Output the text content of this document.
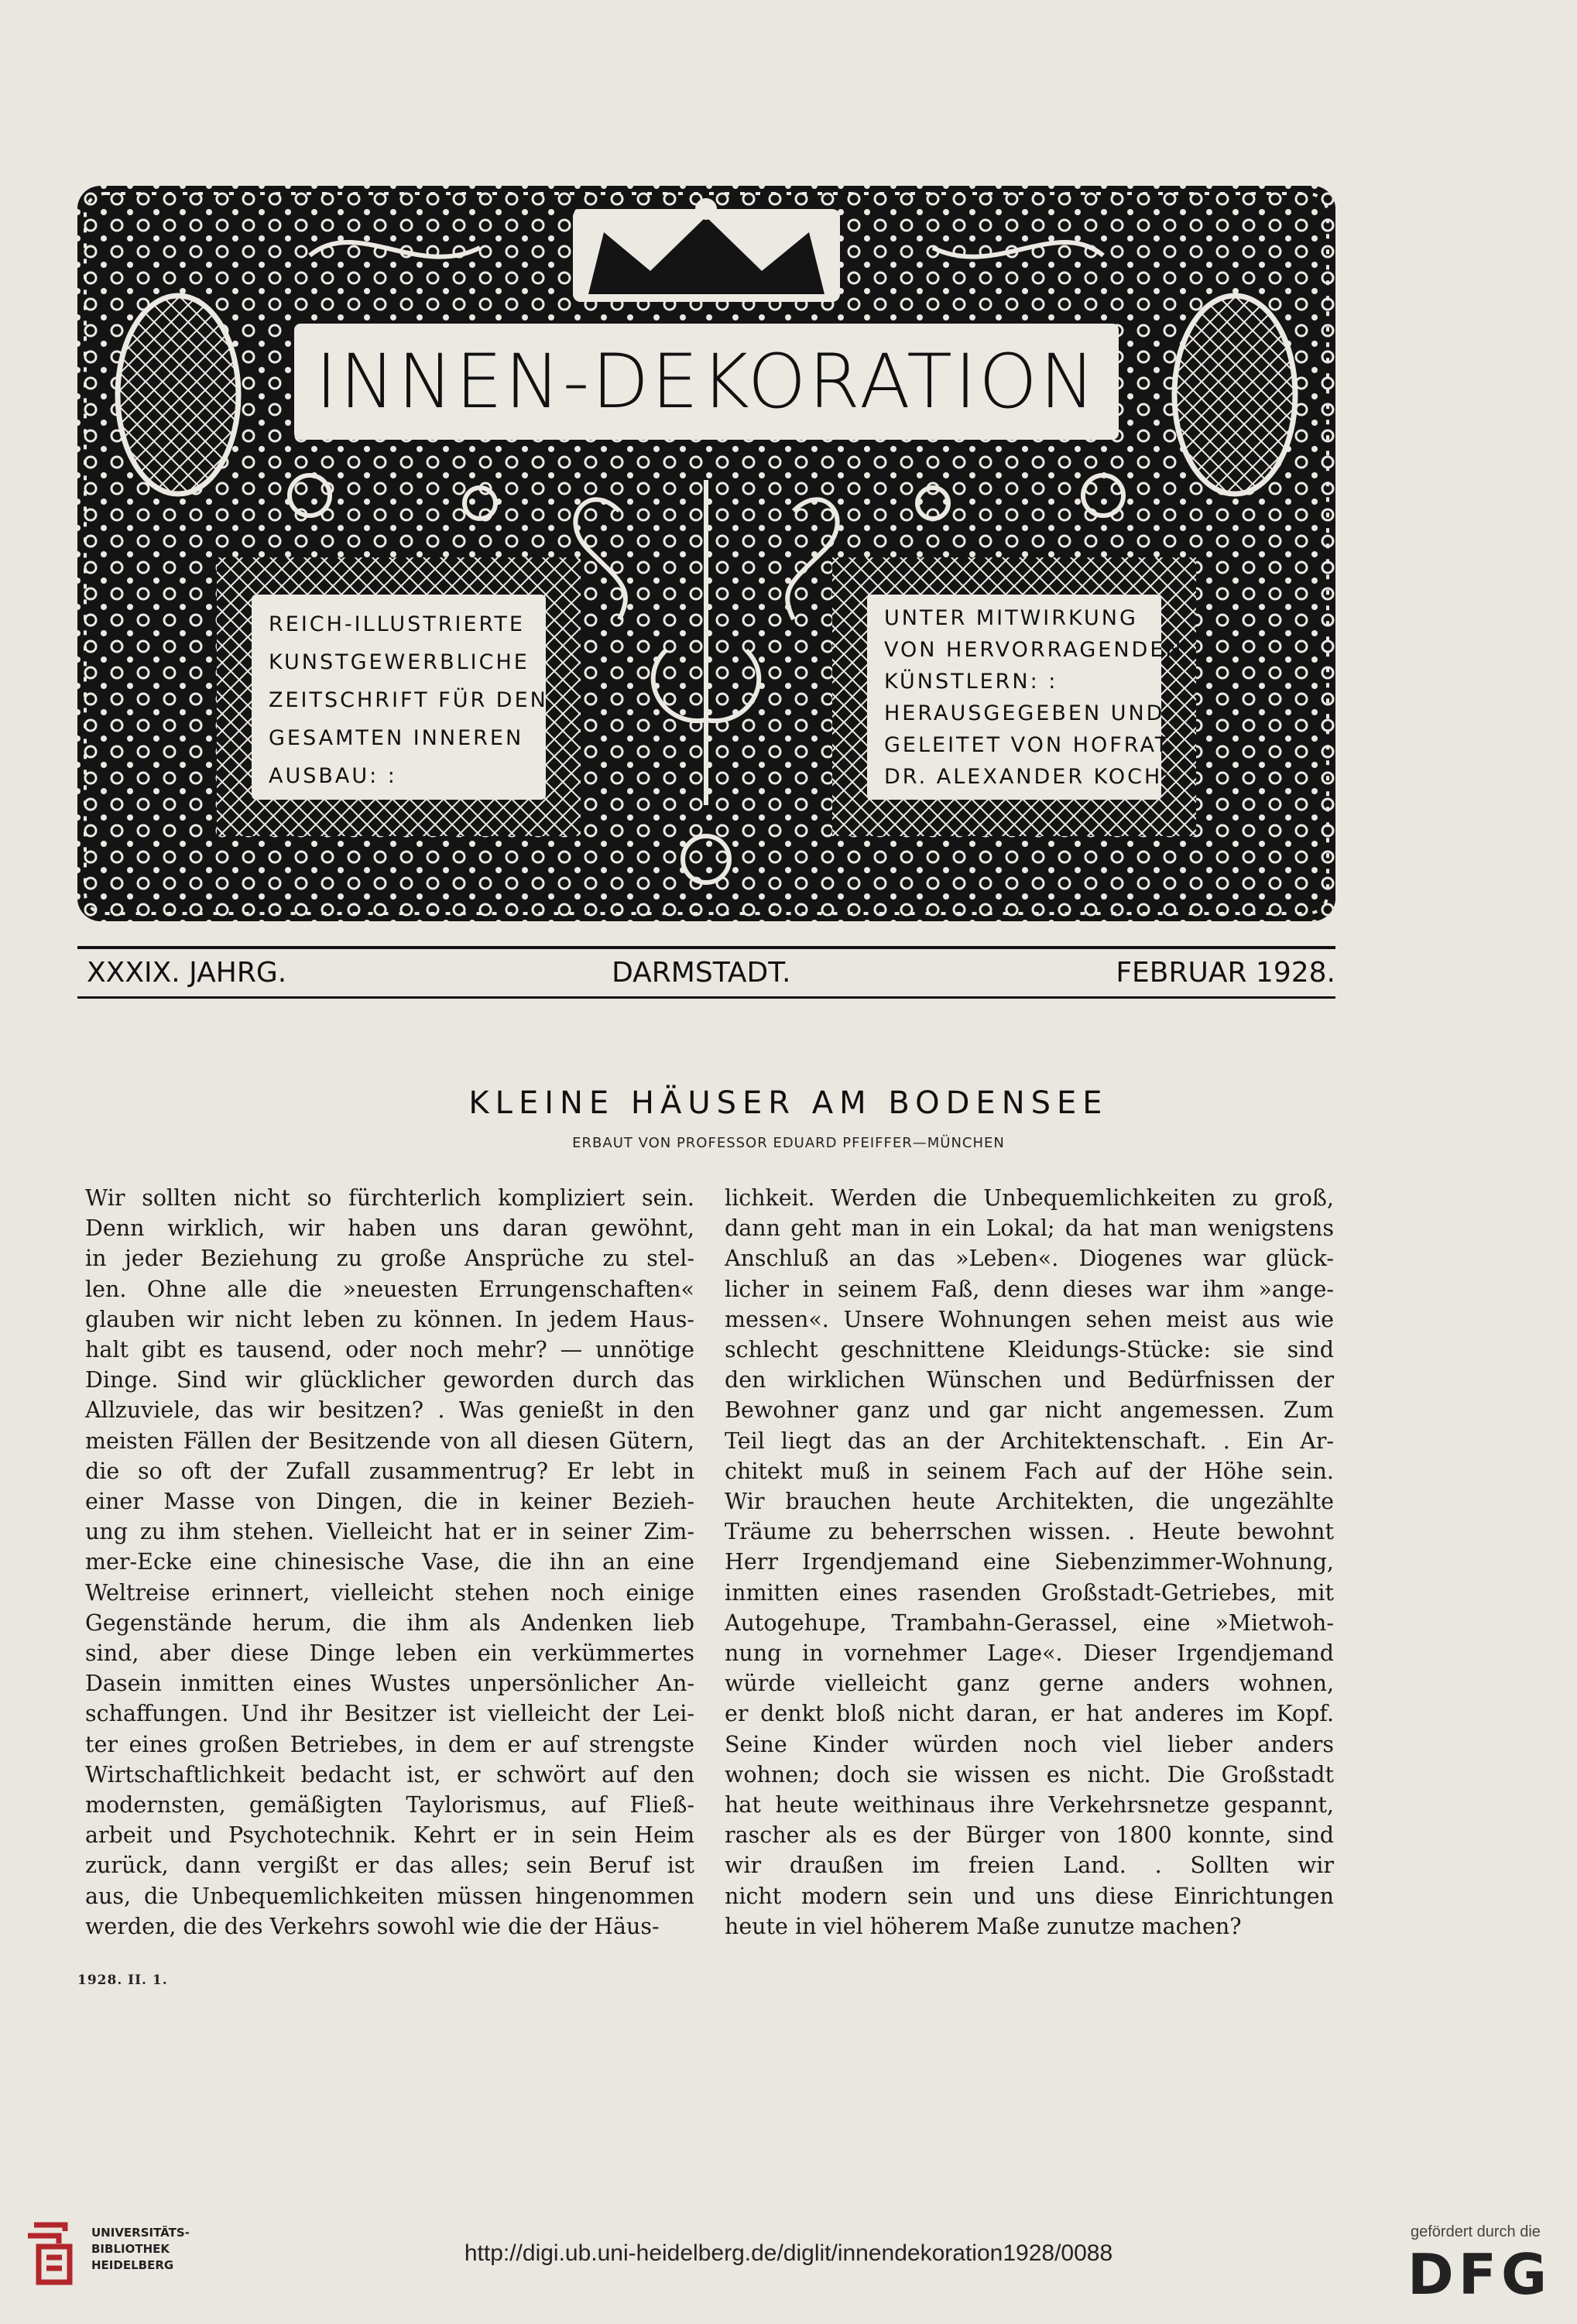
INNEN-DEKORATION
REICH-ILLUSTRIERTE
KUNSTGEWERBLICHE
ZEITSCHRIFT FÜR DEN
GESAMTEN INNEREN
AUSBAU: :
UNTER MITWIRKUNG
VON HERVORRAGENDEN
KÜNSTLERN: :
HERAUSGEGEBEN UND
GELEITET VON HOFRAT
DR. ALEXANDER KOCH:
XXXIX. JAHRG.	DARMSTADT.	FEBRUAR 1928.
KLEINE HÄUSER AM BODENSEE
ERBAUT VON PROFESSOR EDUARD PFEIFFER—MÜNCHEN
Wir sollten nicht so fürchterlich kompliziert sein.
Denn wirklich, wir haben uns daran gewöhnt,
in jeder Beziehung zu große Ansprüche zu stel-
len. Ohne alle die »neuesten Errungenschaften«
glauben wir nicht leben zu können. In jedem Haus-
halt gibt es tausend, oder noch mehr? — unnötige
Dinge. Sind wir glücklicher geworden durch das
Allzuviele, das wir besitzen? . Was genießt in den
meisten Fällen der Besitzende von all diesen Gütern,
die so oft der Zufall zusammentrug? Er lebt in
einer Masse von Dingen, die in keiner Bezieh-
ung zu ihm stehen. Vielleicht hat er in seiner Zim-
mer-Ecke eine chinesische Vase, die ihn an eine
Weltreise erinnert, vielleicht stehen noch einige
Gegenstände herum, die ihm als Andenken lieb
sind, aber diese Dinge leben ein verkümmertes
Dasein inmitten eines Wustes unpersönlicher An-
schaffungen. Und ihr Besitzer ist vielleicht der Lei-
ter eines großen Betriebes, in dem er auf strengste
Wirtschaftlichkeit bedacht ist, er schwört auf den
modernsten, gemäßigten Taylorismus, auf Fließ-
arbeit und Psychotechnik. Kehrt er in sein Heim
zurück, dann vergißt er das alles; sein Beruf ist
aus, die Unbequemlichkeiten müssen hingenommen
werden, die des Verkehrs sowohl wie die der Häus-
lichkeit. Werden die Unbequemlichkeiten zu groß,
dann geht man in ein Lokal; da hat man wenigstens
Anschluß an das »Leben«. Diogenes war glück-
licher in seinem Faß, denn dieses war ihm »ange-
messen«. Unsere Wohnungen sehen meist aus wie
schlecht geschnittene Kleidungs-Stücke: sie sind
den wirklichen Wünschen und Bedürfnissen der
Bewohner ganz und gar nicht angemessen. Zum
Teil liegt das an der Architektenschaft. . Ein Ar-
chitekt muß in seinem Fach auf der Höhe sein.
Wir brauchen heute Architekten, die ungezählte
Träume zu beherrschen wissen. . Heute bewohnt
Herr Irgendjemand eine Siebenzimmer-Wohnung,
inmitten eines rasenden Großstadt-Getriebes, mit
Autogehupe, Trambahn-Gerassel, eine »Mietwoh-
nung in vornehmer Lage«. Dieser Irgendjemand
würde vielleicht ganz gerne anders wohnen,
er denkt bloß nicht daran, er hat anderes im Kopf.
Seine Kinder würden noch viel lieber anders
wohnen; doch sie wissen es nicht. Die Großstadt
hat heute weithinaus ihre Verkehrsnetze gespannt,
rascher als es der Bürger von 1800 konnte, sind
wir draußen im freien Land. . Sollten wir
nicht modern sein und uns diese Einrichtungen
heute in viel höherem Maße zunutze machen?
1928. II. 1.
UNIVERSITÄTS-
BIBLIOTHEK
HEIDELBERG	http://digi.ub.uni-heidelberg.de/diglit/innendekoration1928/0088
gefördert durch die
DFG
